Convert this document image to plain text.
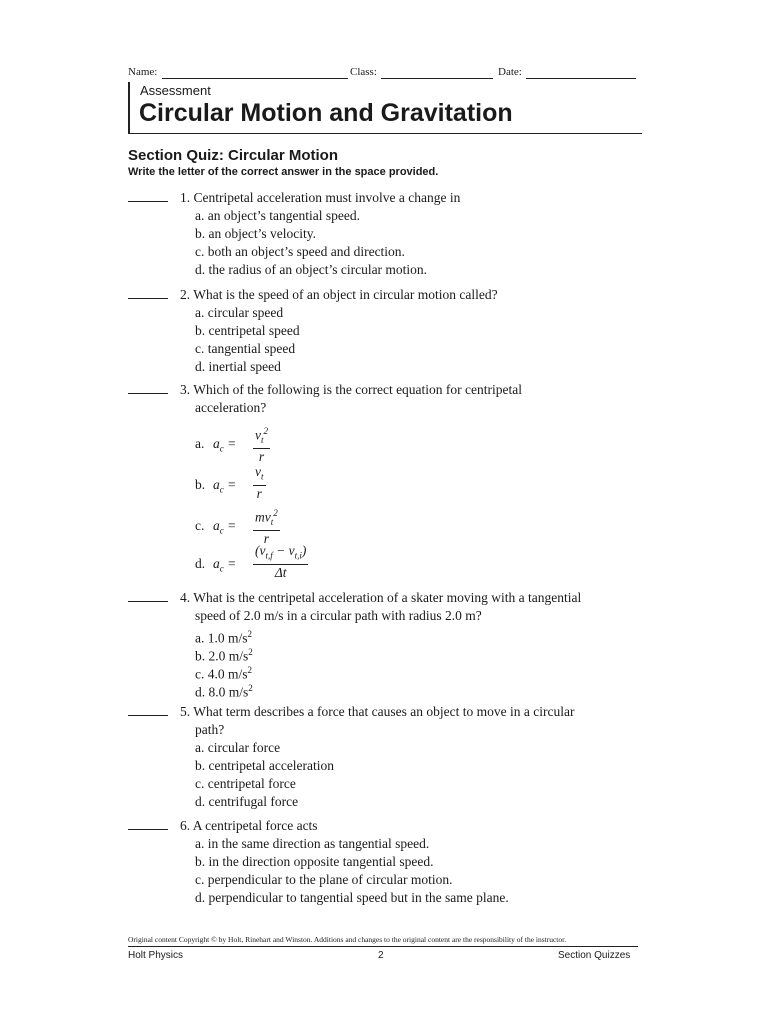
Name:	Class:	Date:
Assessment
Circular Motion and Gravitation
Section Quiz: Circular Motion
Write the letter of the correct answer in the space provided.
1. Centripetal acceleration must involve a change in
a. an object’s tangential speed.
b. an object’s velocity.
c. both an object’s speed and direction.
d. the radius of an object’s circular motion.
2. What is the speed of an object in circular motion called?
a. circular speed
b. centripetal speed
c. tangential speed
d. inertial speed
3. Which of the following is the correct equation for centripetal
acceleration?
a. $a_c = \frac{v_t^2}{r}$
b. $a_c = \frac{v_t}{r}$
c. $a_c$ =
$mv_t^2$
r
d. $a_c = \frac{(v_{t,f} - v_{t,i})}{\Delta t}$
4. What is the centripetal acceleration of a skater moving with a tangential
speed of 2.0 m/s in a circular path with radius 2.0 m?
a. 1.0 $m/s^2$
b. 2.0 $m/s^2$
c. 4.0 $m/s^2$
d. 8.0 $m/s^2$
5. What term describes a force that causes an object to move in a circular
path?
a. circular force
b. centripetal acceleration
c. centripetal force
d. centrifugal force
6. A centripetal force acts
a. in the same direction as tangential speed.
b. in the direction opposite tangential speed.
c. perpendicular to the plane of circular motion.
d. perpendicular to tangential speed but in the same plane.
Original content Copyright © by Holt, Rinehart and Winston. Additions and changes to the original content are the responsibility of the instructor.
Holt Physics	2	Section Quizzes
